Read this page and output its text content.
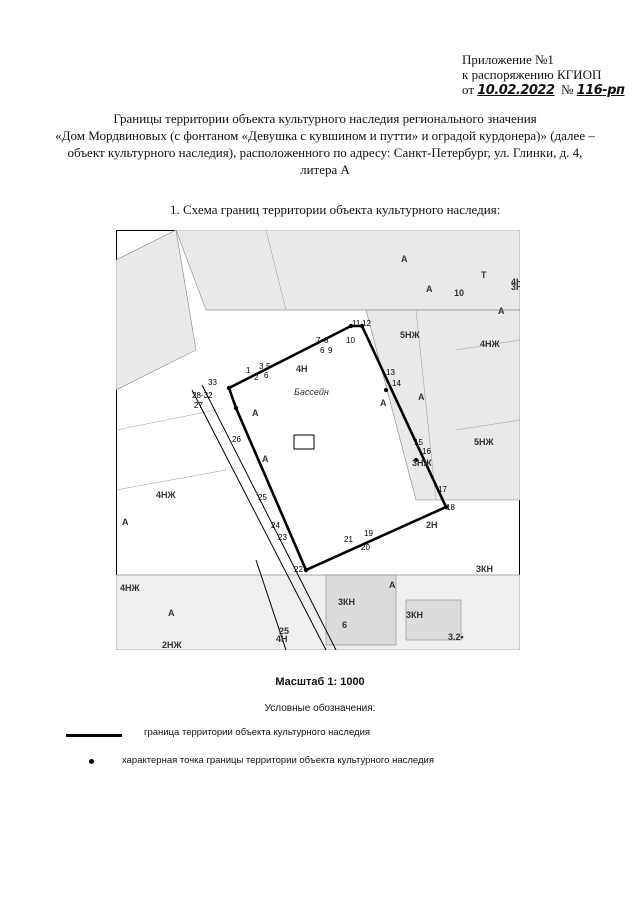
Приложение №1
к распоряжению КГИОП
от 10.02.2022 № 116-рп
Границы территории объекта культурного наследия регионального значения
«Дом Мордвиновых (с фонтаном «Девушка с кувшином и путти» и оградой курдонера)» (далее –
объект культурного наследия), расположенного по адресу: Санкт-Петербург, ул. Глинки, д. 4,
литера А
1. Схема границ территории объекта культурного наследия:
1
2
3 5
6
7 8
6 9
10
11 12
13
14
15
16
17
18
19
20
21
22
23
24
25
26
27
28-32
33
4Н
5НЖ
4НЖ
3Н
2Н
5НЖ
4Н
3НЖ
4НЖ
2НЖ
4Н
3КН
3КН
3КН
3.2•
4НЖ
А
А
А
А
А
А
А
А
А
А
Т
10
25
6
Бассейн
Масштаб 1: 1000
Условные обозначения:
граница территории объекта культурного наследия
характерная точка границы территории объекта культурного наследия
